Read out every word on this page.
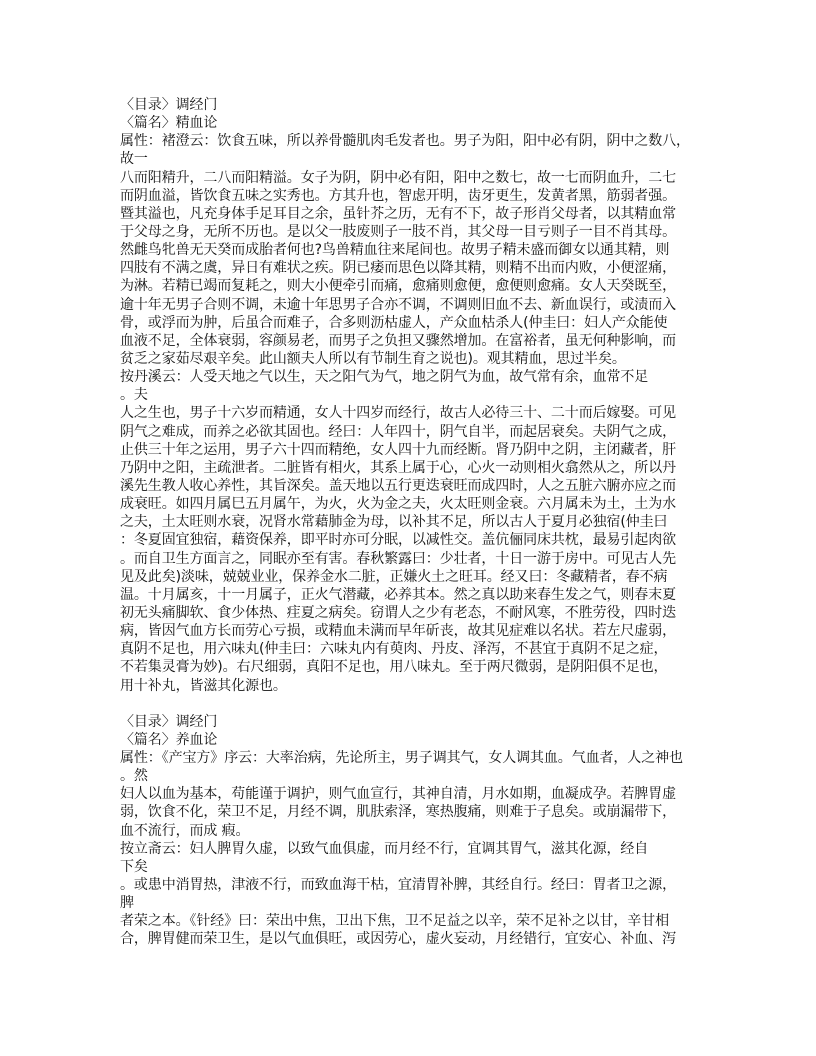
〈目录〉调经门
〈篇名〉精血论
属性：褚澄云：饮食五味，所以养骨髓肌肉毛发者也。男子为阳，阳中必有阴，阴中之数八，
故一
八而阳精升，二八而阳精溢。女子为阴，阴中必有阳，阳中之数七，故一七而阴血升，二七
而阴血溢，皆饮食五味之实秀也。方其升也，智虑开明，齿牙更生，发黄者黑，筋弱者强。
暨其溢也，凡充身体手足耳目之余，虽针芥之历，无有不下，故子形肖父母者，以其精血常
于父母之身，无所不历也。是以父一肢废则子一肢不肖，其父母一目亏则子一目不肖其母。
然雌鸟牝兽无天癸而成胎者何也?鸟兽精血往来尾间也。故男子精未盛而御女以通其精，则
四肢有不满之虞，异日有难状之疾。阴已痿而思色以降其精，则精不出而内败，小便涩痛，
为淋。若精已竭而复耗之，则大小便牵引而痛，愈痛则愈便，愈便则愈痛。女人天癸既至，
逾十年无男子合则不调，未逾十年思男子合亦不调，不调则旧血不去、新血误行，或渍而入
骨，或浮而为肿，后虽合而难子，合多则沥枯虚人，产众血枯杀人(仲圭曰：妇人产众能使
血液不足，全体衰弱，容颜易老，而男子之负担又骤然增加。在富裕者，虽无何种影响，而
贫乏之家茹尽艰辛矣。此山额夫人所以有节制生育之说也)。观其精血，思过半矣。
按丹溪云：人受天地之气以生，天之阳气为气，地之阴气为血，故气常有余，血常不足
。夫
人之生也，男子十六岁而精通，女人十四岁而经行，故古人必待三十、二十而后嫁娶。可见
阴气之难成，而养之必欲其固也。经曰：人年四十，阴气自半，而起居衰矣。夫阴气之成，
止供三十年之运用，男子六十四而精绝，女人四十九而经断。肾乃阴中之阴，主闭藏者，肝
乃阴中之阳，主疏泄者。二脏皆有相火，其系上属于心，心火一动则相火翕然从之，所以丹
溪先生教人收心养性，其旨深矣。盖天地以五行更迭衰旺而成四时，人之五脏六腑亦应之而
成衰旺。如四月属巳五月属午，为火，火为金之夫，火太旺则金衰。六月属未为土，土为水
之夫，土太旺则水衰，况肾水常藉肺金为母，以补其不足，所以古人于夏月必独宿(仲圭曰
：冬夏固宜独宿，藉资保养，即平时亦可分眠，以减性交。盖伉俪同床共枕，最易引起肉欲
。而自卫生方面言之，同眠亦至有害。春秋繁露曰：少壮者，十日一游于房中。可见古人先
见及此矣)淡味，兢兢业业，保养金水二脏，正嫌火土之旺耳。经又曰：冬藏精者，春不病
温。十月属亥，十一月属子，正火气潜藏，必养其本。然之真以助来春生发之气，则春末夏
初无头痛脚软、食少体热、疰夏之病矣。窃谓人之少有老态，不耐风寒，不胜劳役，四时迭
病，皆因气血方长而劳心亏损，或精血未满而早年斫丧，故其见症难以名状。若左尺虚弱，
真阴不足也，用六味丸(仲圭曰：六味丸内有萸肉、丹皮、泽泻，不甚宜于真阴不足之症，
不若集灵膏为妙)。右尺细弱，真阳不足也，用八味丸。至于两尺微弱，是阴阳俱不足也，
用十补丸，皆滋其化源也。
〈目录〉调经门
〈篇名〉养血论
属性：《产宝方》序云：大率治病，先论所主，男子调其气，女人调其血。气血者，人之神也
。然
妇人以血为基本，苟能谨于调护，则气血宣行，其神自清，月水如期，血凝成孕。若脾胃虚
弱，饮食不化，荣卫不足，月经不调，肌肤索泽，寒热腹痛，则难于子息矣。或崩漏带下，
血不流行，而成 瘕。
按立斋云：妇人脾胃久虚，以致气血俱虚，而月经不行，宜调其胃气，滋其化源，经自
下矣
。或患中消胃热，津液不行，而致血海干枯，宜清胃补脾，其经自行。经曰：胃者卫之源，
脾
者荣之本。《针经》曰：荣出中焦，卫出下焦，卫不足益之以辛，荣不足补之以甘，辛甘相
合，脾胃健而荣卫生，是以气血俱旺，或因劳心，虚火妄动，月经错行，宜安心、补血、泻
